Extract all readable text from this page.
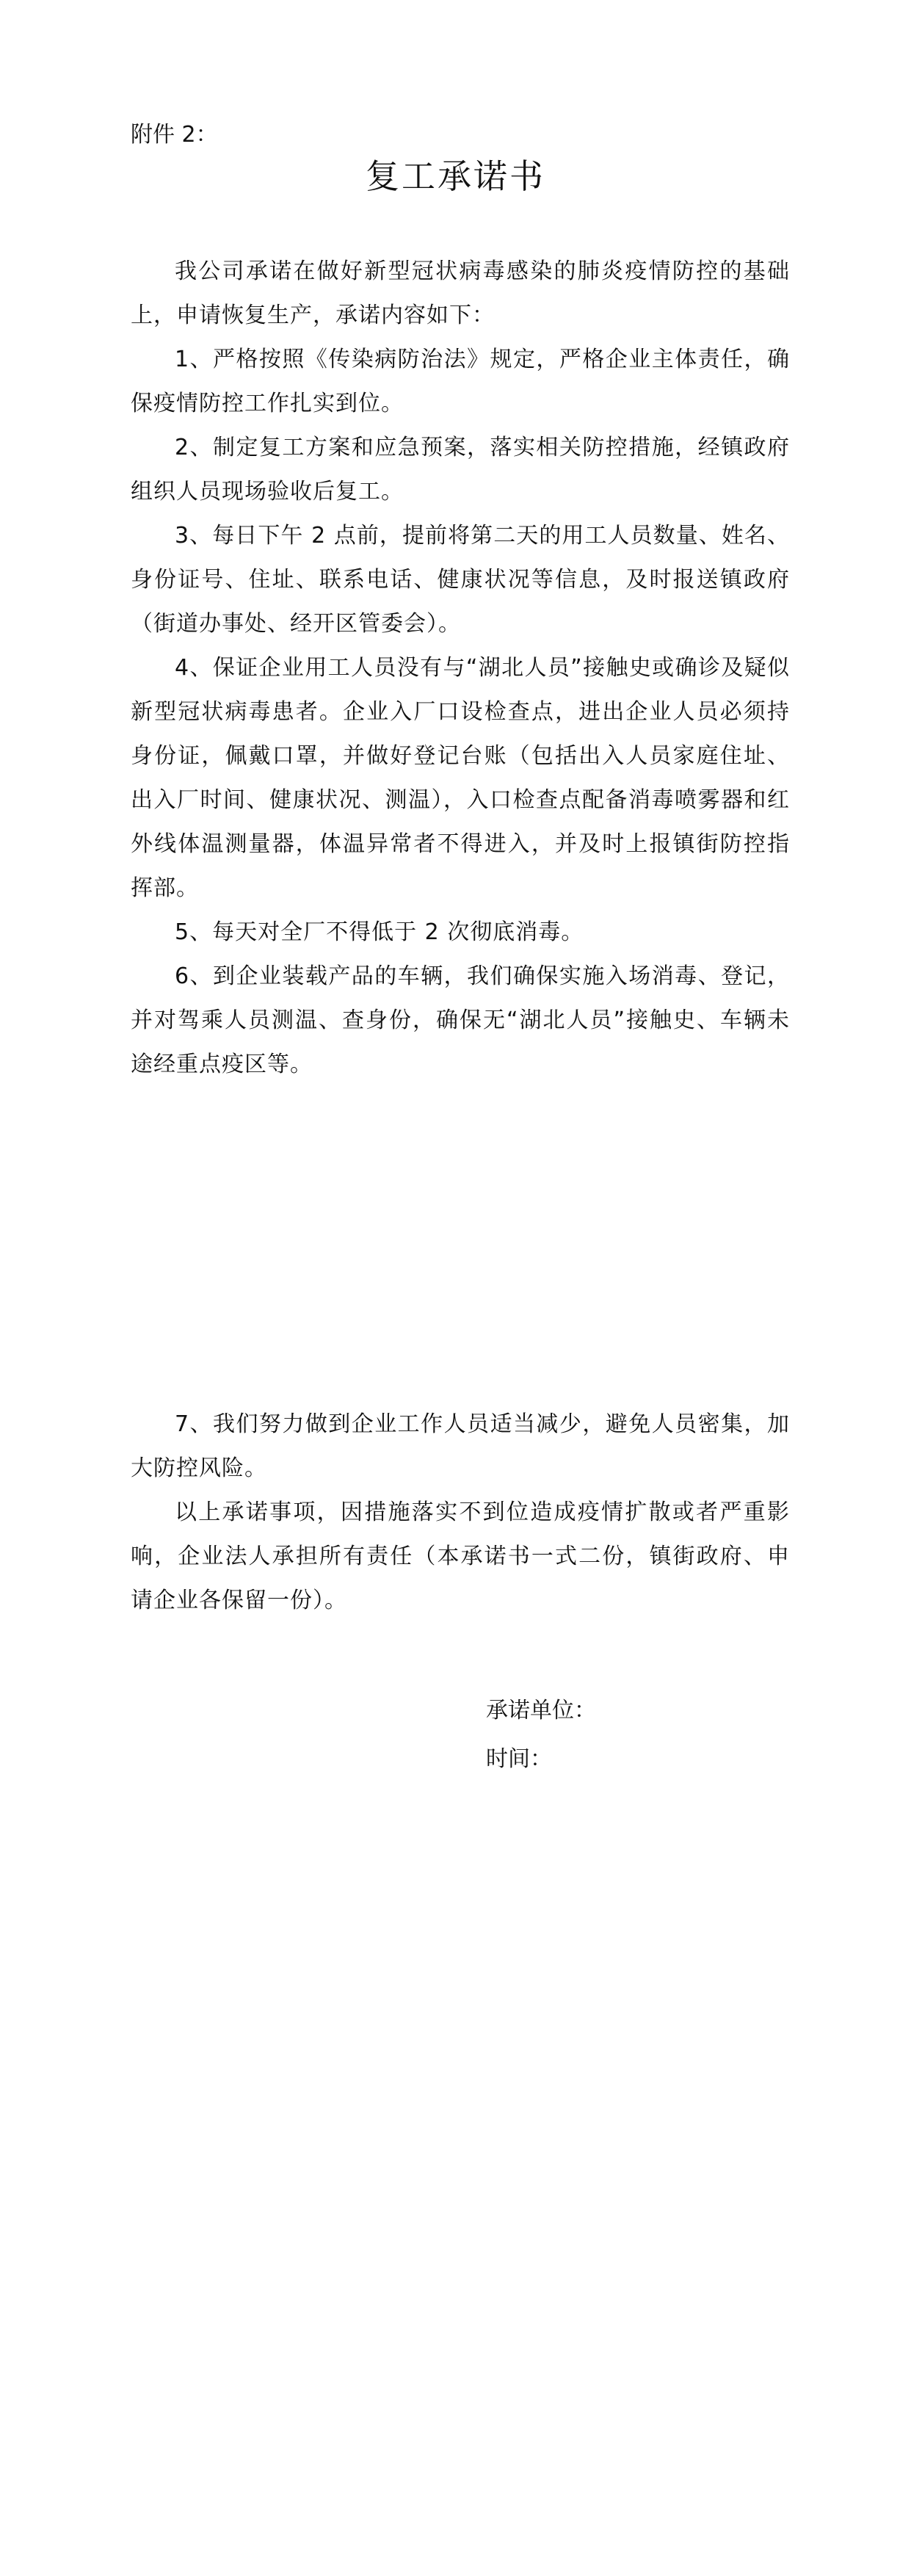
附件 2：
复工承诺书

我公司承诺在做好新型冠状病毒感染的肺炎疫情防控的基础上，申请恢复生产，承诺内容如下：

1、严格按照《传染病防治法》规定，严格企业主体责任，确保疫情防控工作扎实到位。

2、制定复工方案和应急预案，落实相关防控措施，经镇政府组织人员现场验收后复工。

3、每日下午 2 点前，提前将第二天的用工人员数量、姓名、身份证号、住址、联系电话、健康状况等信息，及时报送镇政府（街道办事处、经开区管委会）。

4、保证企业用工人员没有与“湖北人员”接触史或确诊及疑似新型冠状病毒患者。企业入厂口设检查点，进出企业人员必须持身份证，佩戴口罩，并做好登记台账（包括出入人员家庭住址、出入厂时间、健康状况、测温），入口检查点配备消毒喷雾器和红外线体温测量器，体温异常者不得进入，并及时上报镇街防控指挥部。

5、每天对全厂不得低于 2 次彻底消毒。

6、到企业装载产品的车辆，我们确保实施入场消毒、登记，并对驾乘人员测温、查身份，确保无“湖北人员”接触史、车辆未途经重点疫区等。

7、我们努力做到企业工作人员适当减少，避免人员密集，加大防控风险。

以上承诺事项，因措施落实不到位造成疫情扩散或者严重影响，企业法人承担所有责任（本承诺书一式二份，镇街政府、申请企业各保留一份）。

承诺单位：
时间：
